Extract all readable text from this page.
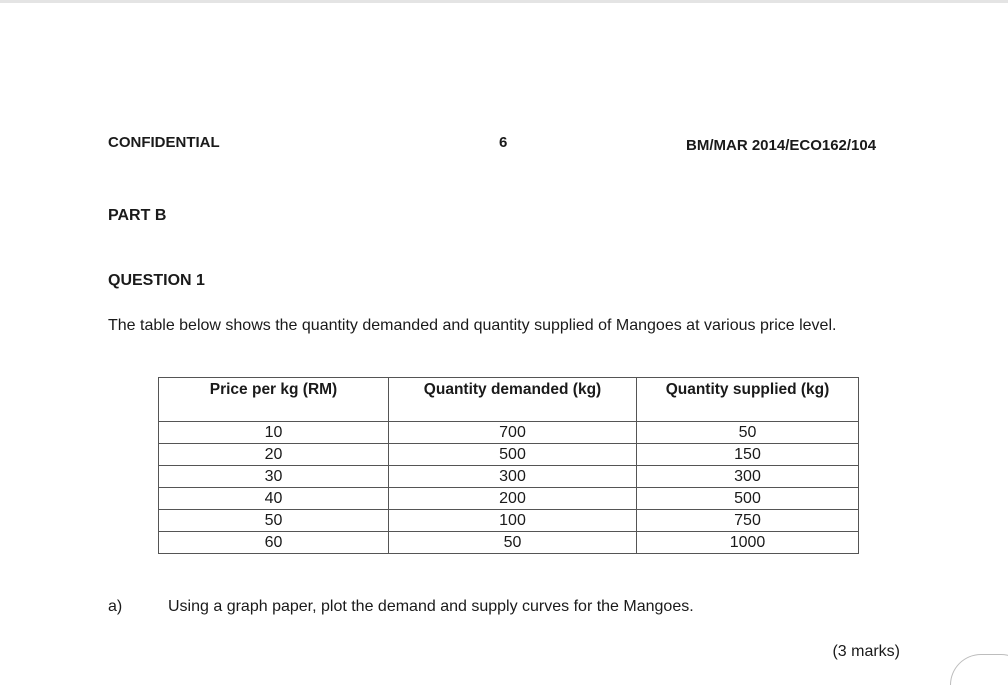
CONFIDENTIAL	6	BM/MAR 2014/ECO162/104
PART B
QUESTION 1
The table below shows the quantity demanded and quantity supplied of Mangoes at various price level.
Price per kg (RM)	Quantity demanded (kg)	Quantity supplied (kg)
10	700	50
20	500	150
30	300	300
40	200	500
50	100	750
60	50	1000
a)	Using a graph paper, plot the demand and supply curves for the Mangoes.
(3 marks)
